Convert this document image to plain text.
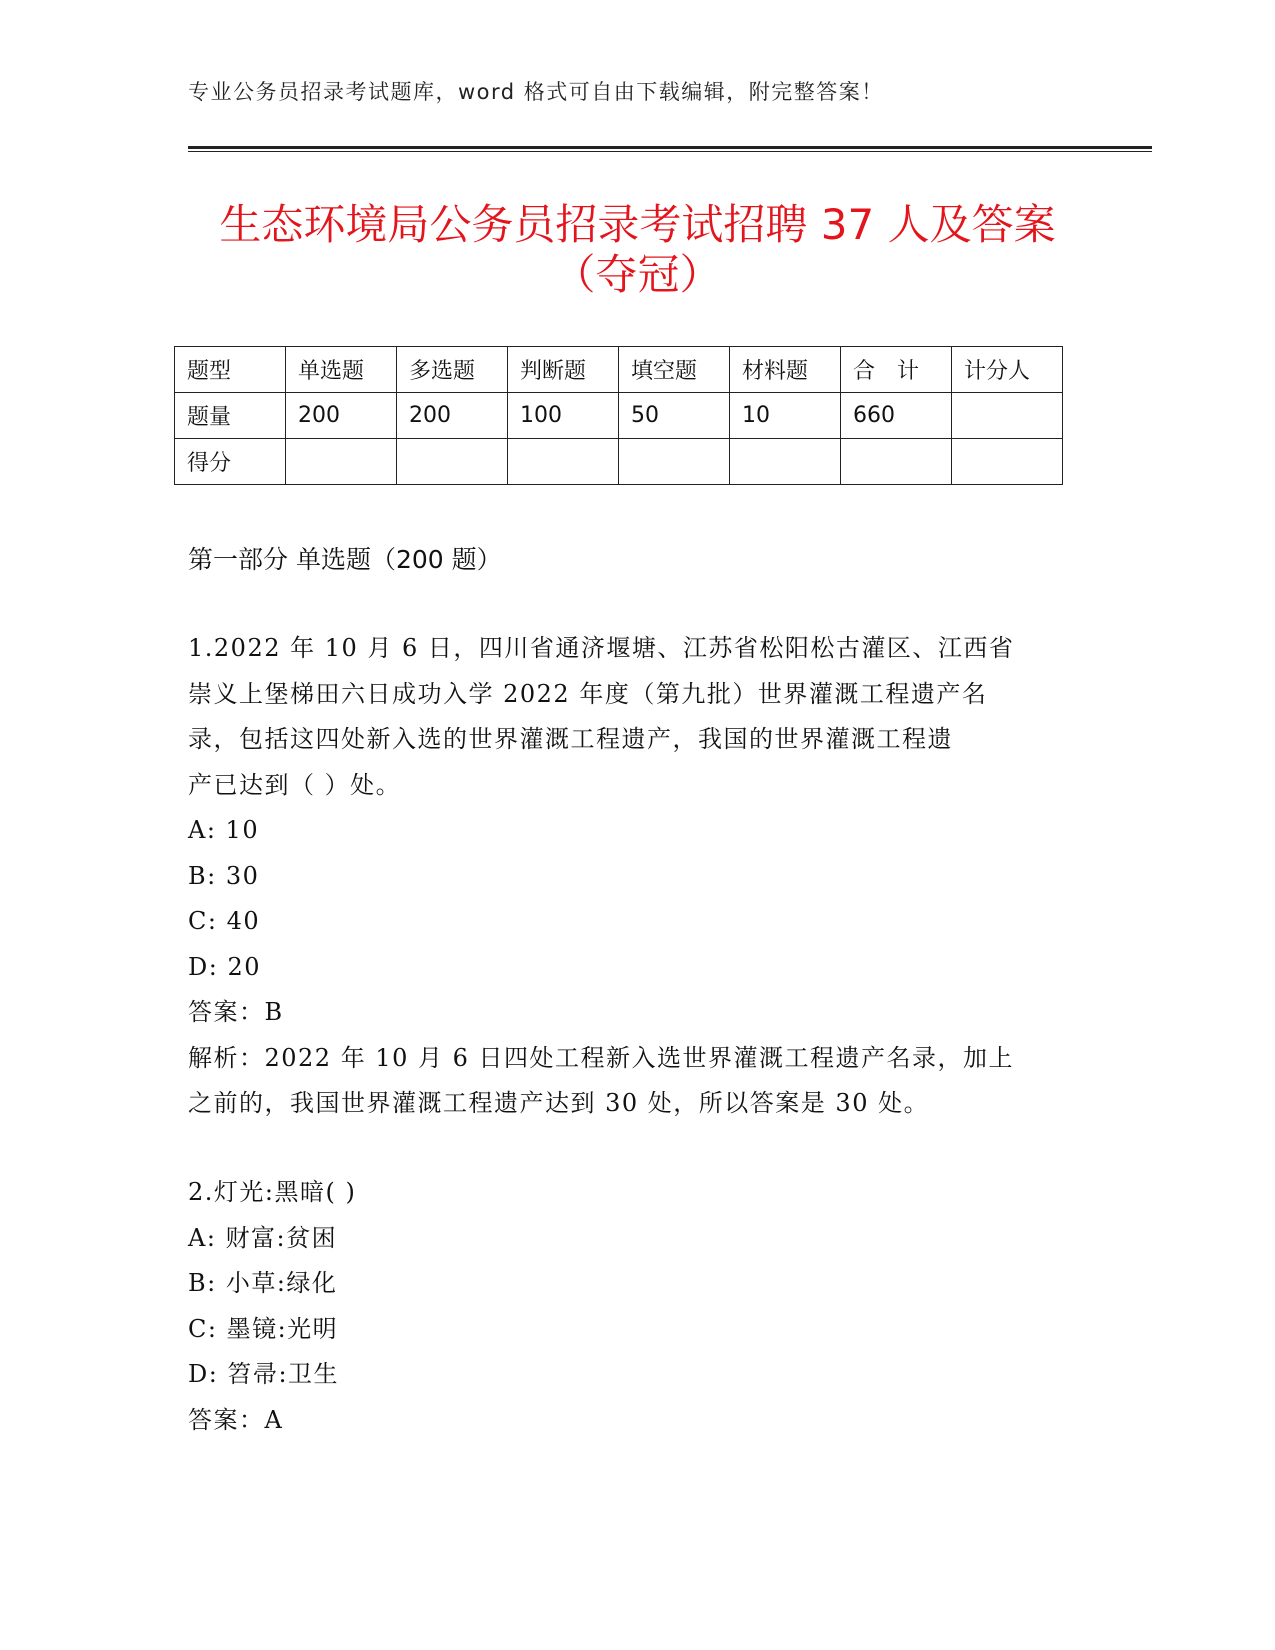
专业公务员招录考试题库，word 格式可自由下载编辑，附完整答案！
生态环境局公务员招录考试招聘 37 人及答案
（夺冠）
题型	单选题	多选题	判断题	填空题	材料题	合　计	计分人
题量	200	200	100	50	10	660	
得分							
第一部分 单选题（200 题）
1.2022 年 10 月 6 日，四川省通济堰塘、江苏省松阳松古灌区、江西省
崇义上堡梯田六日成功入学 2022 年度（第九批）世界灌溉工程遗产名
录，包括这四处新入选的世界灌溉工程遗产，我国的世界灌溉工程遗
产已达到（ ）处。
A: 10
B: 30
C: 40
D: 20
答案：B
解析：2022 年 10 月 6 日四处工程新入选世界灌溉工程遗产名录，加上
之前的，我国世界灌溉工程遗产达到 30 处，所以答案是 30 处。
2.灯光:黑暗( )
A: 财富:贫困
B: 小草:绿化
C: 墨镜:光明
D: 笤帚:卫生
答案：A
